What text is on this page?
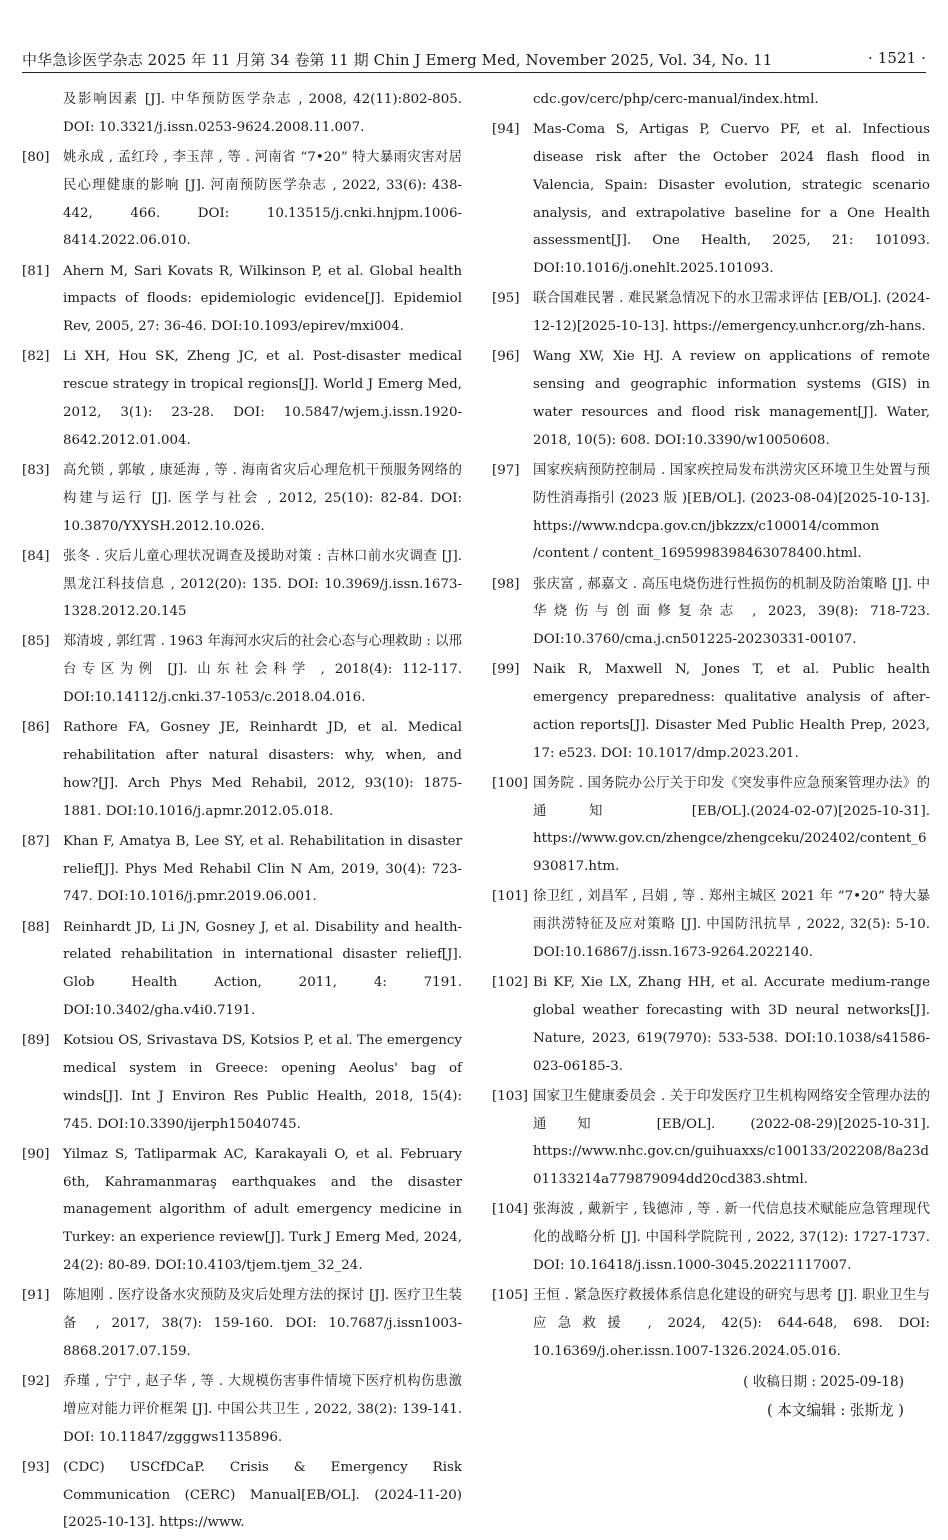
中华急诊医学杂志 2025 年 11 月第 34 卷第 11 期 Chin J Emerg Med, November 2025, Vol. 34, No. 11	· 1521 ·
及影响因素 [J]. 中华预防医学杂志 , 2008, 42(11):802-805. DOI: 10.3321/j.issn.0253-9624.2008.11.007.
[80] 姚永成 , 孟红玲 , 李玉萍 , 等 . 河南省 “7•20” 特大暴雨灾害对居民心理健康的影响 [J]. 河南预防医学杂志 , 2022, 33(6): 438-442, 466. DOI: 10.13515/j.cnki.hnjpm.1006-8414.2022.06.010.
[81] Ahern M, Sari Kovats R, Wilkinson P, et al. Global health impacts of floods: epidemiologic evidence[J]. Epidemiol Rev, 2005, 27: 36-46. DOI:10.1093/epirev/mxi004.
[82] Li XH, Hou SK, Zheng JC, et al. Post-disaster medical rescue strategy in tropical regions[J]. World J Emerg Med, 2012, 3(1): 23-28. DOI: 10.5847/wjem.j.issn.1920-8642.2012.01.004.
[83] 高允锁 , 郭敏 , 康延海 , 等 . 海南省灾后心理危机干预服务网络的构建与运行 [J]. 医学与社会 , 2012, 25(10): 82-84. DOI: 10.3870/YXYSH.2012.10.026.
[84] 张冬 . 灾后儿童心理状况调查及援助对策 : 吉林口前水灾调查 [J]. 黑龙江科技信息 , 2012(20): 135. DOI: 10.3969/j.issn.1673-1328.2012.20.145
[85] 郑清坡 , 郭红霄 . 1963 年海河水灾后的社会心态与心理救助 : 以邢台专区为例 [J]. 山东社会科学 , 2018(4): 112-117. DOI:10.14112/j.cnki.37-1053/c.2018.04.016.
[86] Rathore FA, Gosney JE, Reinhardt JD, et al. Medical rehabilitation after natural disasters: why, when, and how?[J]. Arch Phys Med Rehabil, 2012, 93(10): 1875-1881. DOI:10.1016/j.apmr.2012.05.018.
[87] Khan F, Amatya B, Lee SY, et al. Rehabilitation in disaster relief[J]. Phys Med Rehabil Clin N Am, 2019, 30(4): 723-747. DOI:10.1016/j.pmr.2019.06.001.
[88] Reinhardt JD, Li JN, Gosney J, et al. Disability and health-related rehabilitation in international disaster relief[J]. Glob Health Action, 2011, 4: 7191. DOI:10.3402/gha.v4i0.7191.
[89] Kotsiou OS, Srivastava DS, Kotsios P, et al. The emergency medical system in Greece: opening Aeolus' bag of winds[J]. Int J Environ Res Public Health, 2018, 15(4): 745. DOI:10.3390/ijerph15040745.
[90] Yilmaz S, Tatliparmak AC, Karakayali O, et al. February 6th, Kahramanmaraş earthquakes and the disaster management algorithm of adult emergency medicine in Turkey: an experience review[J]. Turk J Emerg Med, 2024, 24(2): 80-89. DOI:10.4103/tjem.tjem_32_24.
[91] 陈旭刚 . 医疗设备水灾预防及灾后处理方法的探讨 [J]. 医疗卫生装备 , 2017, 38(7): 159-160. DOI: 10.7687/j.issn1003-8868.2017.07.159.
[92] 乔瑾 , 宁宁 , 赵子华 , 等 . 大规模伤害事件情境下医疗机构伤患激增应对能力评价框架 [J]. 中国公共卫生 , 2022, 38(2): 139-141. DOI: 10.11847/zgggws1135896.
[93] (CDC) USCfDCaP. Crisis & Emergency Risk Communication (CERC) Manual[EB/OL]. (2024-11-20)[2025-10-13]. https://www.
cdc.gov/cerc/php/cerc-manual/index.html.
[94] Mas-Coma S, Artigas P, Cuervo PF, et al. Infectious disease risk after the October 2024 flash flood in Valencia, Spain: Disaster evolution, strategic scenario analysis, and extrapolative baseline for a One Health assessment[J]. One Health, 2025, 21: 101093. DOI:10.1016/j.onehlt.2025.101093.
[95] 联合国难民署 . 难民紧急情况下的水卫需求评估 [EB/OL]. (2024-12-12)[2025-10-13]. https://emergency.unhcr.org/zh-hans.
[96] Wang XW, Xie HJ. A review on applications of remote sensing and geographic information systems (GIS) in water resources and flood risk management[J]. Water, 2018, 10(5): 608. DOI:10.3390/w10050608.
[97] 国家疾病预防控制局 . 国家疾控局发布洪涝灾区环境卫生处置与预防性消毒指引 (2023 版 )[EB/OL]. (2023-08-04)[2025-10-13]. https://www.ndcpa.gov.cn/jbkzzx/c100014/common /content / content_1695998398463078400.html.
[98] 张庆富 , 郝嘉文 . 高压电烧伤进行性损伤的机制及防治策略 [J]. 中华烧伤与创面修复杂志 , 2023, 39(8): 718-723. DOI:10.3760/cma.j.cn501225-20230331-00107.
[99] Naik R, Maxwell N, Jones T, et al. Public health emergency preparedness: qualitative analysis of after-action reports[J]. Disaster Med Public Health Prep, 2023, 17: e523. DOI: 10.1017/dmp.2023.201.
[100] 国务院 . 国务院办公厅关于印发《突发事件应急预案管理办法》的通知 [EB/OL].(2024-02-07)[2025-10-31]. https://www.gov.cn/zhengce/zhengceku/202402/content_6930817.htm.
[101] 徐卫红 , 刘昌军 , 吕娟 , 等 . 郑州主城区 2021 年 “7•20” 特大暴雨洪涝特征及应对策略 [J]. 中国防汛抗旱 , 2022, 32(5): 5-10. DOI:10.16867/j.issn.1673-9264.2022140.
[102] Bi KF, Xie LX, Zhang HH, et al. Accurate medium-range global weather forecasting with 3D neural networks[J]. Nature, 2023, 619(7970): 533-538. DOI:10.1038/s41586-023-06185-3.
[103] 国家卫生健康委员会 . 关于印发医疗卫生机构网络安全管理办法的通知 [EB/OL]. (2022-08-29)[2025-10-31]. https://www.nhc.gov.cn/guihuaxxs/c100133/202208/8a23d01133214a779879094dd20cd383.shtml.
[104] 张海波 , 戴新宇 , 钱德沛 , 等 . 新一代信息技术赋能应急管理现代化的战略分析 [J]. 中国科学院院刊 , 2022, 37(12): 1727-1737. DOI: 10.16418/j.issn.1000-3045.20221117007.
[105] 王恒 . 紧急医疗救援体系信息化建设的研究与思考 [J]. 职业卫生与应急救援 , 2024, 42(5): 644-648, 698. DOI: 10.16369/j.oher.issn.1007-1326.2024.05.016.
( 收稿日期 : 2025-09-18)
( 本文编辑 : 张斯龙 )
